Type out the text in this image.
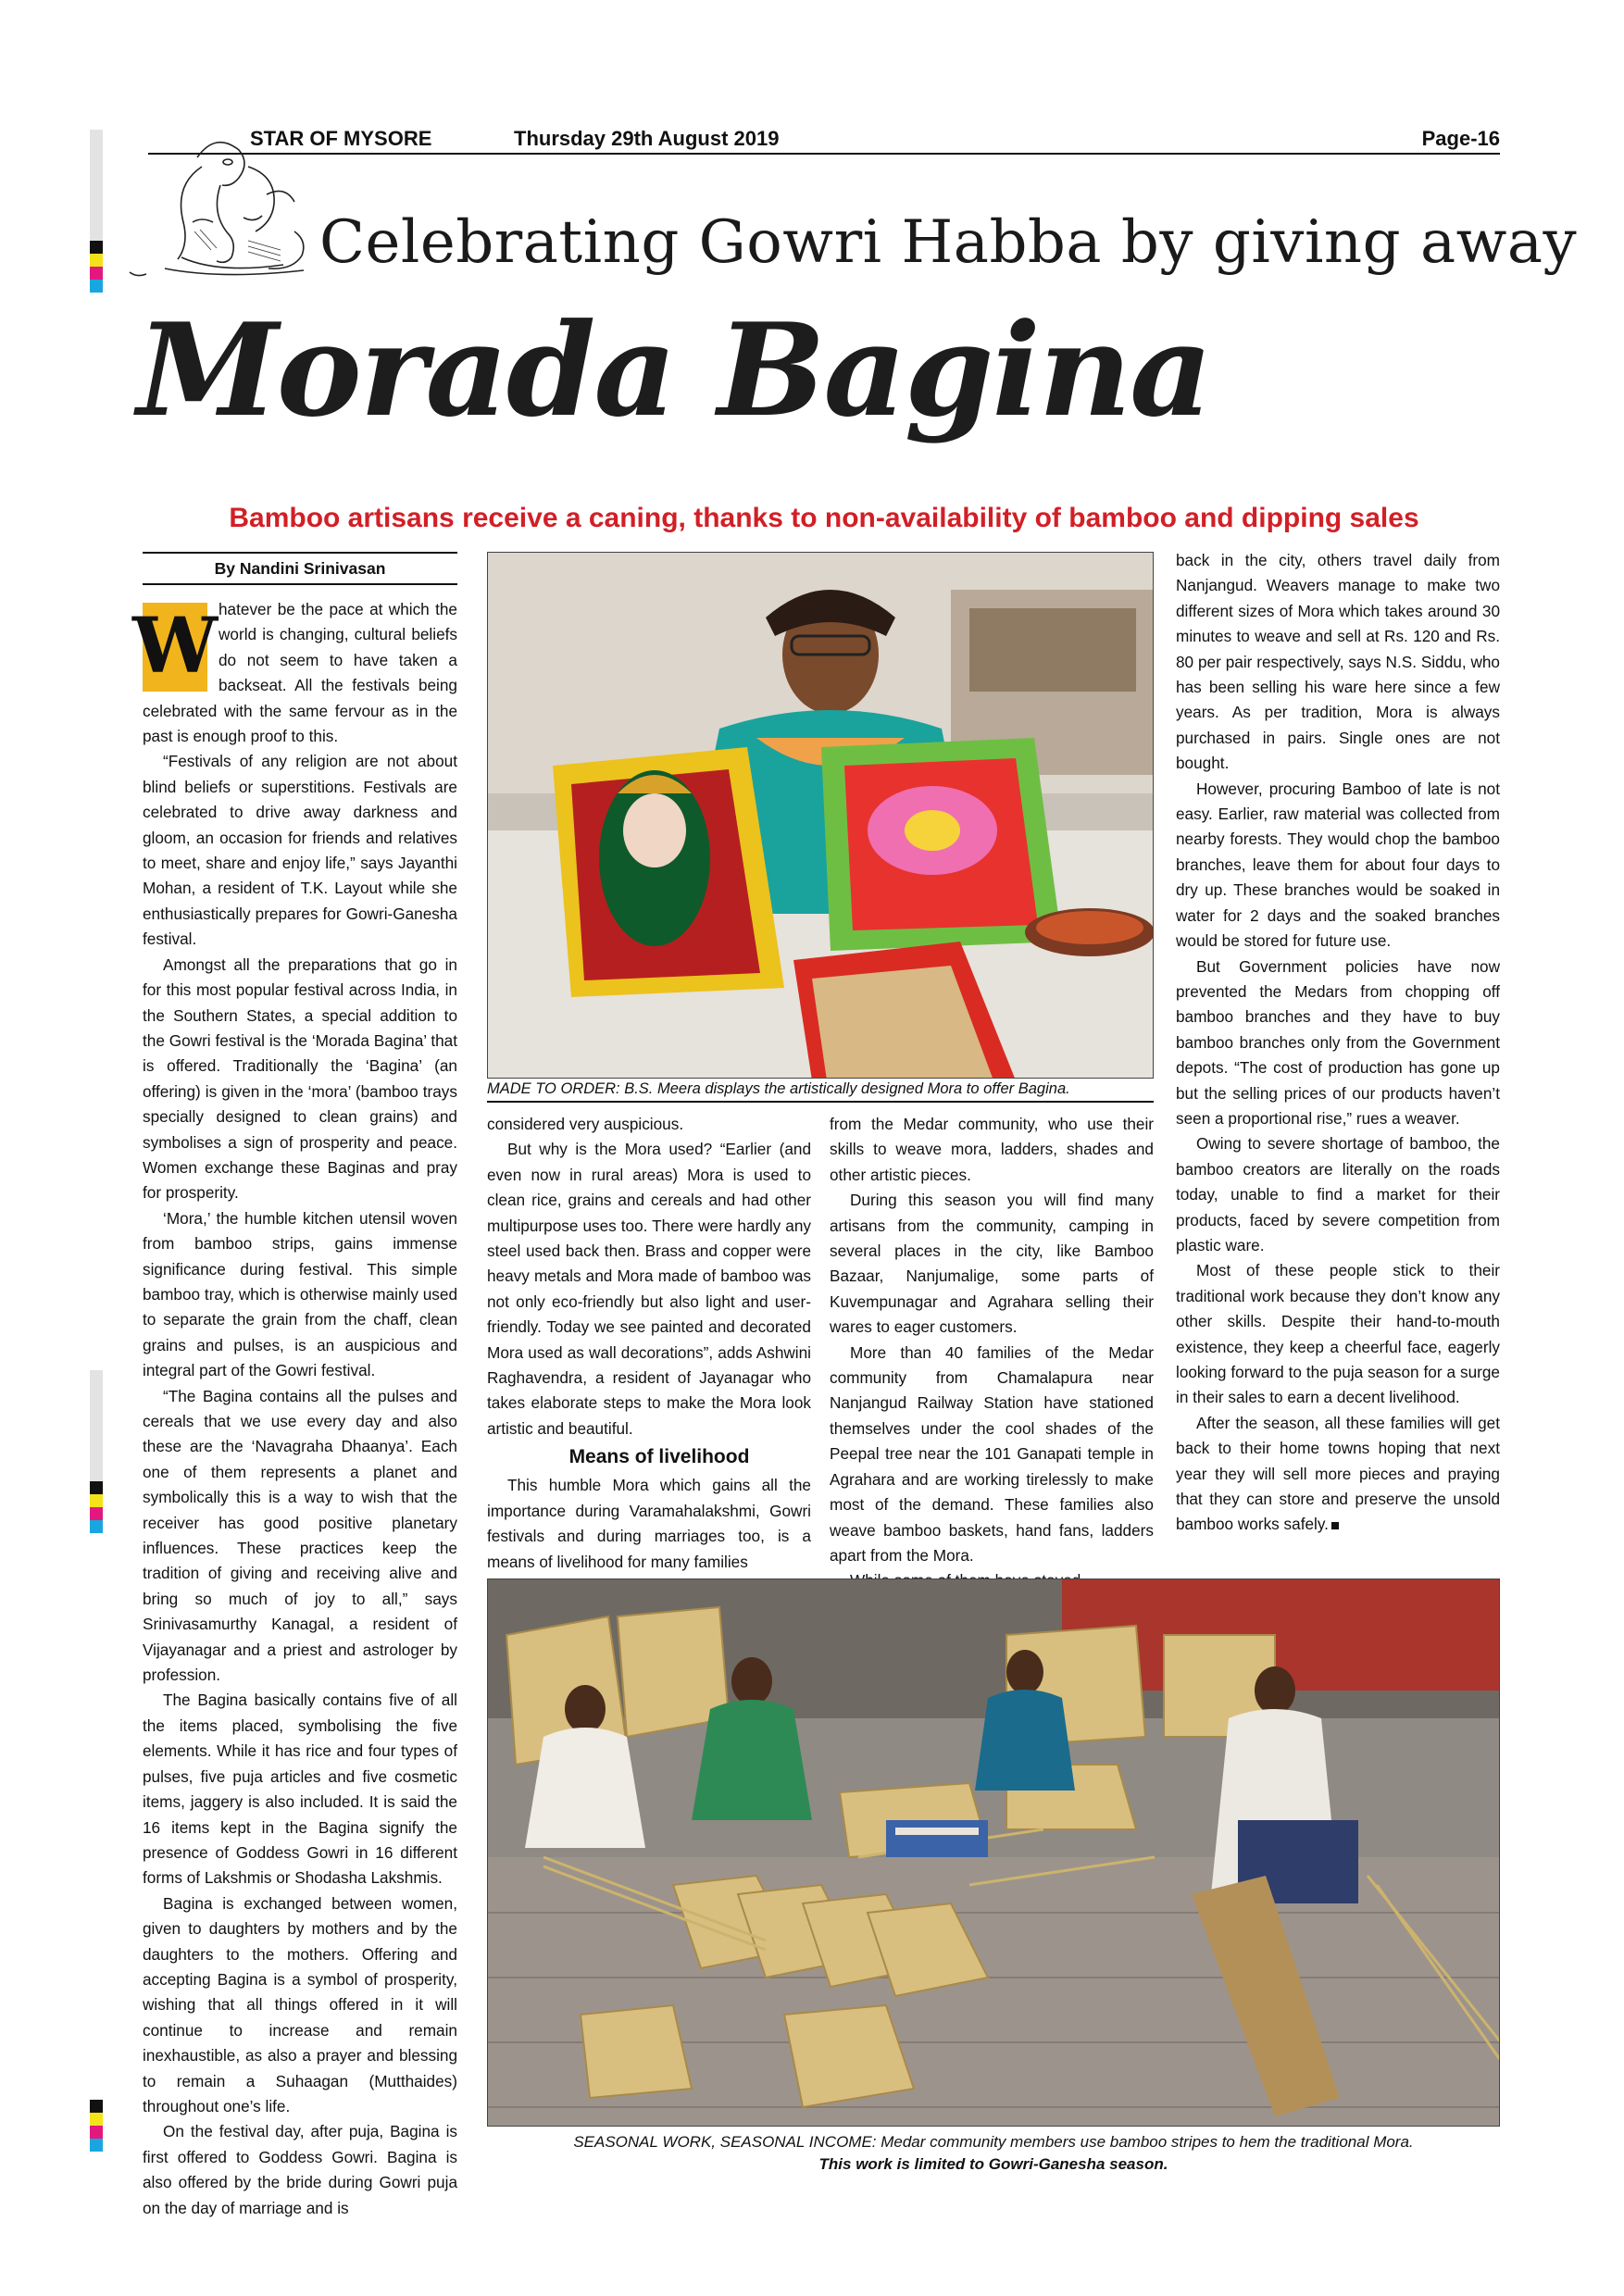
STAR OF MYSORE	Thursday 29th August 2019	Page-16
Celebrating Gowri Habba by giving away
Morada Bagina
Bamboo artisans receive a caning, thanks to non-availability of bamboo and dipping sales
By Nandini Srinivasan

W hatever be the pace at which the world is changing, cultural beliefs do not seem to have taken a backseat. All the festivals being celebrated with the same fervour as in the past is enough proof to this.

“Festivals of any religion are not about blind beliefs or superstitions. Festivals are celebrated to drive away darkness and gloom, an occasion for friends and relatives to meet, share and enjoy life,” says Jayanthi Mohan, a resident of T.K. Layout while she enthusiastically prepares for Gowri-Ganesha festival.

Amongst all the preparations that go in for this most popular festival across India, in the Southern States, a special addition to the Gowri festival is the ‘Morada Bagina’ that is offered. Traditionally the ‘Bagina’ (an offering) is given in the ‘mora’ (bamboo trays specially designed to clean grains) and symbolises a sign of prosperity and peace. Women exchange these Baginas and pray for prosperity.

‘Mora,’ the humble kitchen utensil woven from bamboo strips, gains immense significance during festival. This simple bamboo tray, which is otherwise mainly used to separate the grain from the chaff, clean grains and pulses, is an auspicious and integral part of the Gowri festival.

“The Bagina contains all the pulses and cereals that we use every day and also these are the ‘Navagraha Dhaanya’. Each one of them represents a planet and symbolically this is a way to wish that the receiver has good positive planetary influences. These practices keep the tradition of giving and receiving alive and bring so much of joy to all,” says Srinivasamurthy Kanagal, a resident of Vijayanagar and a priest and astrologer by profession.

The Bagina basically contains five of all the items placed, symbolising the five elements. While it has rice and four types of pulses, five puja articles and five cosmetic items, jaggery is also included. It is said the 16 items kept in the Bagina signify the presence of Goddess Gowri in 16 different forms of Lakshmis or Shodasha Lakshmis.

Bagina is exchanged between women, given to daughters by mothers and by the daughters to the mothers. Offering and accepting Bagina is a symbol of prosperity, wishing that all things offered in it will continue to increase and remain inexhaustible, as also a prayer and blessing to remain a Suhaagan (Mutthaides) throughout one’s life.

On the festival day, after puja, Bagina is first offered to Goddess Gowri. Bagina is also offered by the bride during Gowri puja on the day of marriage and is

MADE TO ORDER: B.S. Meera displays the artistically designed Mora to offer Bagina.

considered very auspicious.

But why is the Mora used? “Earlier (and even now in rural areas) Mora is used to clean rice, grains and cereals and had other multipurpose uses too. There were hardly any steel used back then. Brass and copper were heavy metals and Mora made of bamboo was not only eco-friendly but also light and user-friendly. Today we see painted and decorated Mora used as wall decorations”, adds Ashwini Raghavendra, a resident of Jayanagar who takes elaborate steps to make the Mora look artistic and beautiful.

Means of livelihood

This humble Mora which gains all the importance during Varamahalakshmi, Gowri festivals and during marriages too, is a means of livelihood for many families

from the Medar community, who use their skills to weave mora, ladders, shades and other artistic pieces.

During this season you will find many artisans from the community, camping in several places in the city, like Bamboo Bazaar, Nanjumalige, some parts of Kuvempunagar and Agrahara selling their wares to eager customers.

More than 40 families of the Medar community from Chamalapura near Nanjangud Railway Station have stationed themselves under the cool shades of the Peepal tree near the 101 Ganapati temple in Agrahara and are working tirelessly to make most of the demand. These families also weave bamboo baskets, hand fans, ladders apart from the Mora.

back in the city, others travel daily from Nanjangud. Weavers manage to make two different sizes of Mora which takes around 30 minutes to weave and sell at Rs. 120 and Rs. 80 per pair respectively, says N.S. Siddu, who has been selling his ware here since a few years. As per tradition, Mora is always purchased in pairs. Single ones are not bought.

However, procuring Bamboo of late is not easy. Earlier, raw material was collected from nearby forests. They would chop the bamboo branches, leave them for about four days to dry up. These branches would be soaked in water for 2 days and the soaked branches would be stored for future use.

But Government policies have now prevented the Medars from chopping off bamboo branches and they have to buy bamboo branches only from the Government depots. “The cost of production has gone up but the selling prices of our products haven’t seen a proportional rise,” rues a weaver.

Owing to severe shortage of bamboo, the bamboo creators are literally on the roads today, unable to find a market for their products, faced by severe competition from plastic ware.

Most of these people stick to their traditional work because they don’t know any other skills. Despite their hand-to-mouth existence, they keep a cheerful face, eagerly looking forward to the puja season for a surge in their sales to earn a decent livelihood.

After the season, all these families will get back to their home towns hoping that next year they will sell more pieces and praying that they can store and preserve the unsold bamboo works safely.

SEASONAL WORK, SEASONAL INCOME: Medar community members use bamboo stripes to hem the traditional Mora.
This work is limited to Gowri-Ganesha season.
